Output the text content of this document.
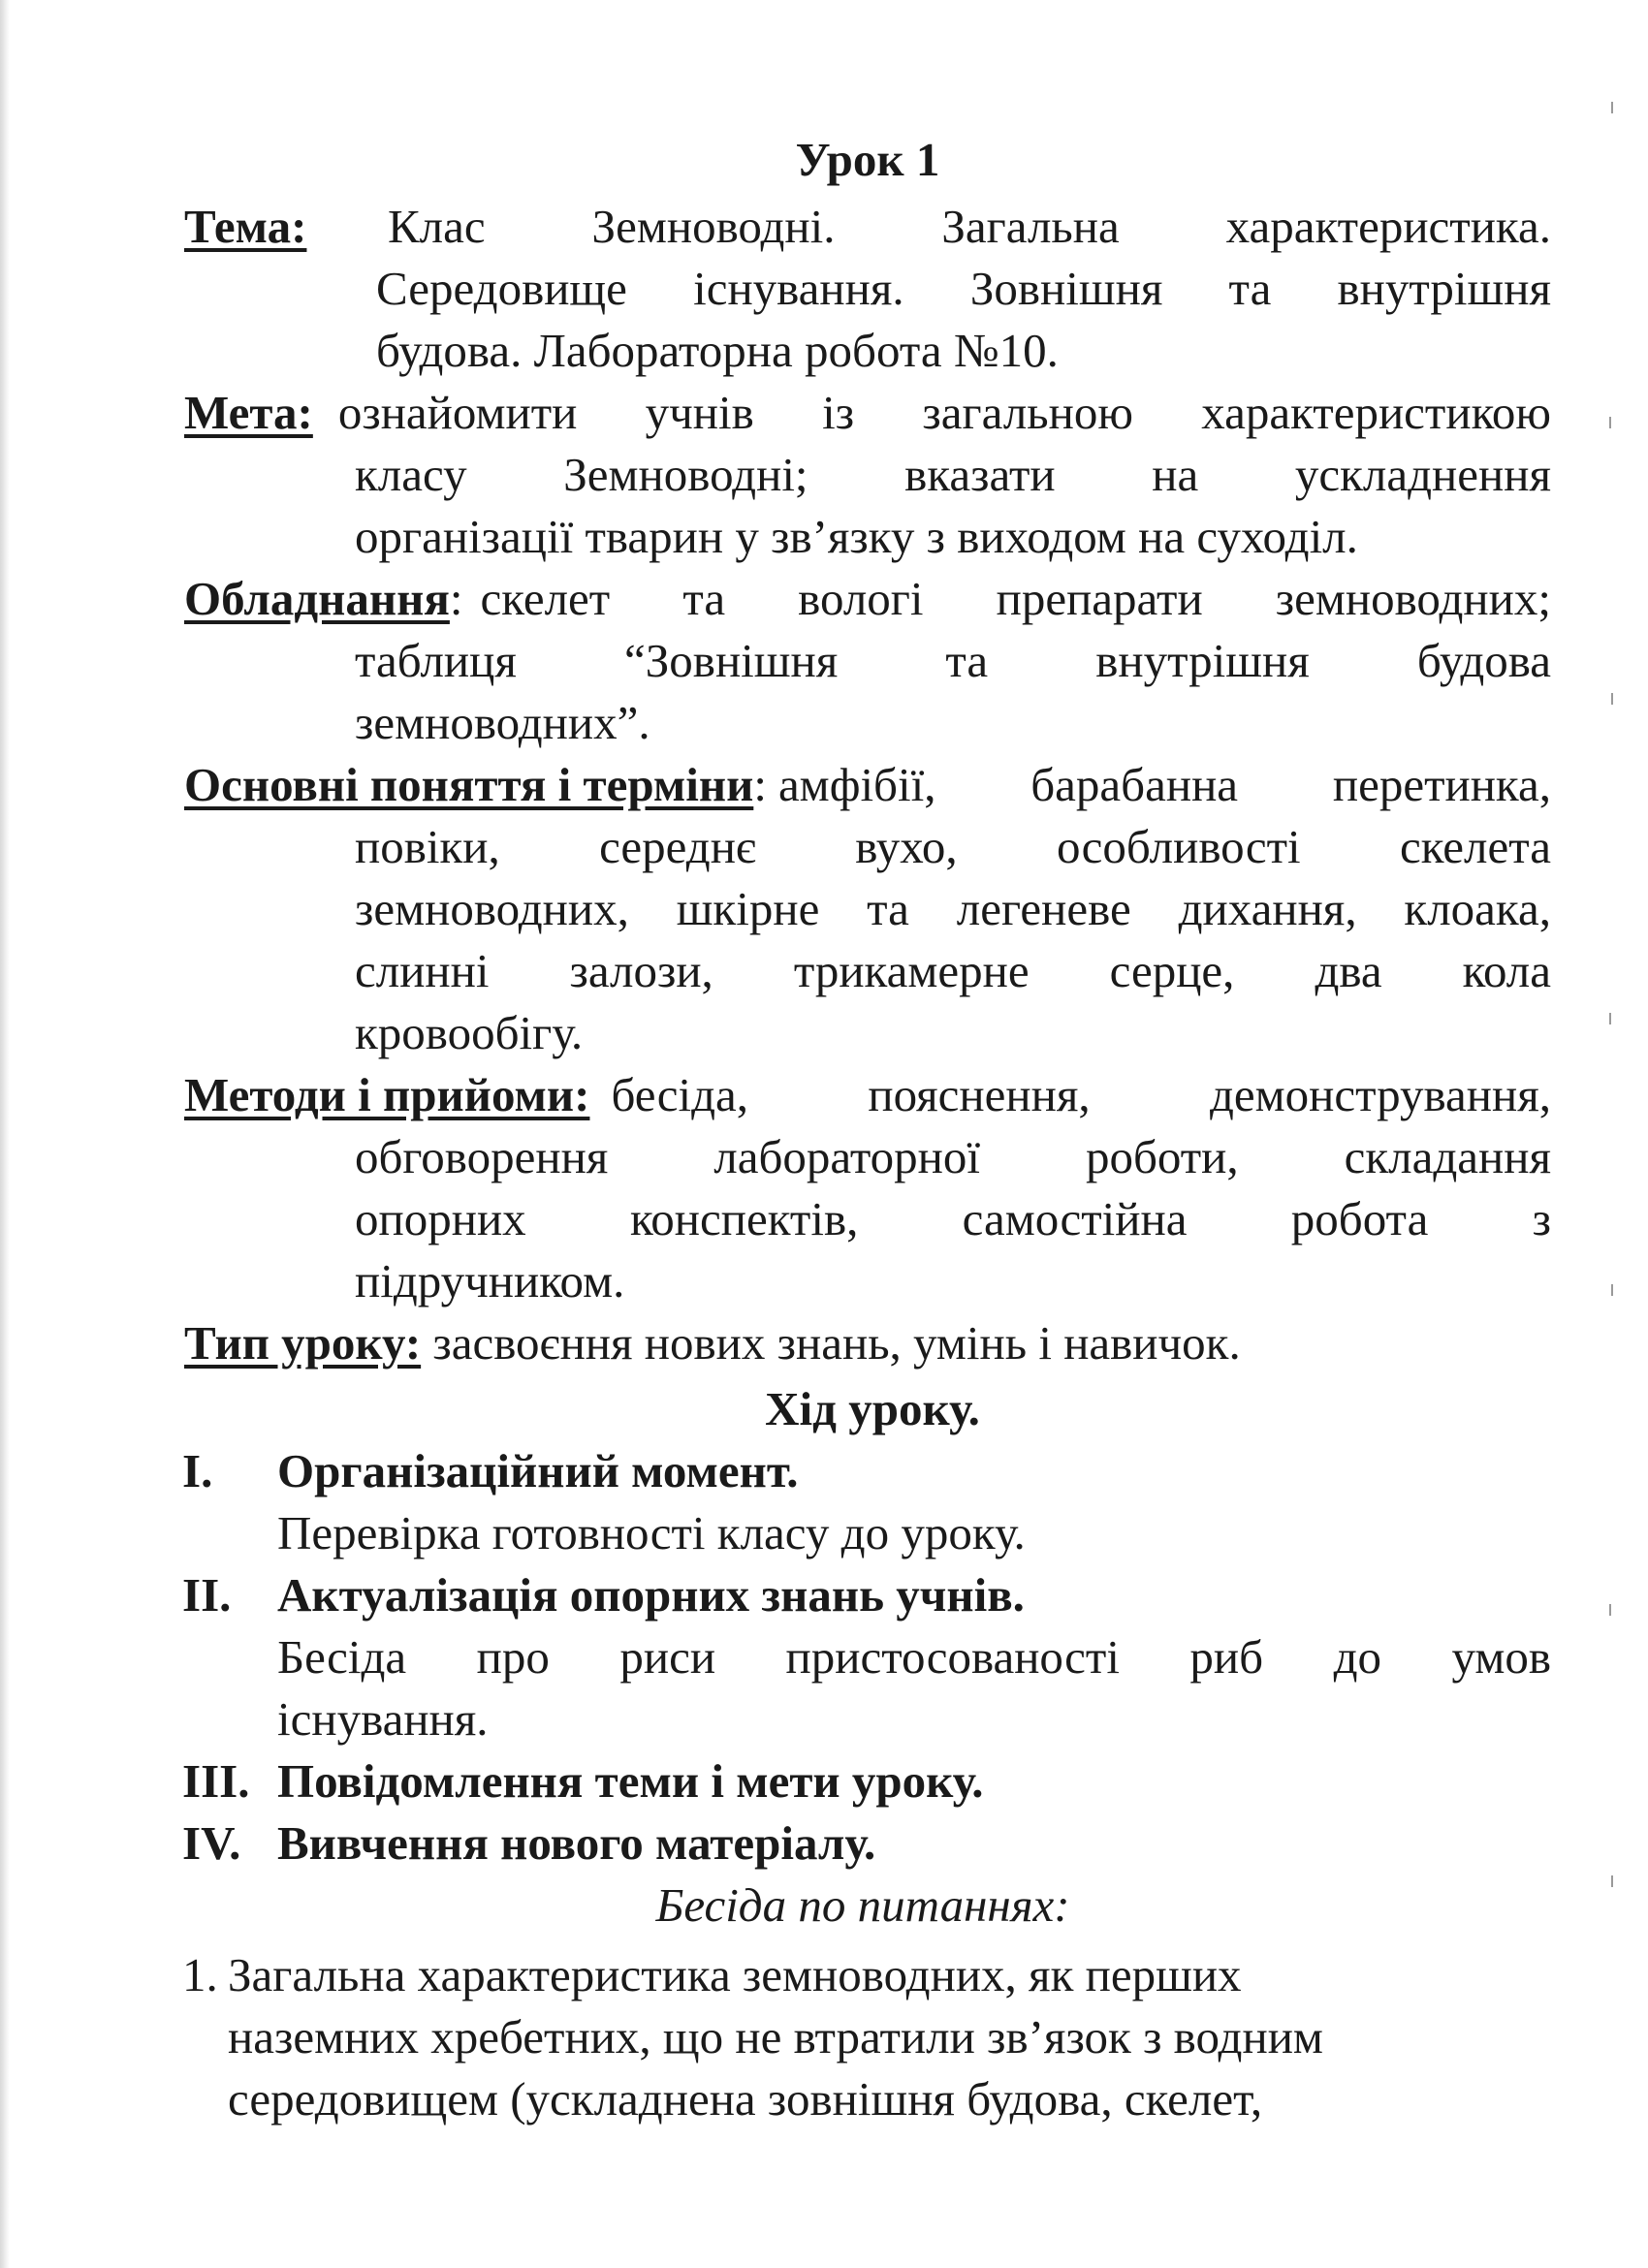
Урок 1
Тема:	Клас Земноводні. Загальна характеристика.
Середовище існування. Зовнішня та внутрішня
будова. Лабораторна робота №10.
Мета: ознайомити учнів із загальною характеристикою
класу Земноводні; вказати на ускладнення
організації тварин у зв’язку з виходом на суходіл.
Обладнання: скелет та вологі препарати земноводних;
таблиця “Зовнішня та внутрішня будова
земноводних”.
Основні поняття і терміни: амфібії, барабанна перетинка,
повіки, середнє вухо, особливості скелета
земноводних, шкірне та легеневе дихання, клоака,
слинні залози, трикамерне серце, два кола
кровообігу.
Методи і прийоми: бесіда, пояснення, демонстрування,
обговорення лабораторної роботи, складання
опорних конспектів, самостійна робота з
підручником.
Тип уроку: засвоєння нових знань, умінь і навичок.
Хід уроку.
I. Організаційний момент.
Перевірка готовності класу до уроку.
II. Актуалізація опорних знань учнів.
Бесіда про риси пристосованості риб до умов
існування.
III. Повідомлення теми і мети уроку.
IV. Вивчення нового матеріалу.
Бесіда по питаннях:
1. Загальна характеристика земноводних, як перших
наземних хребетних, що не втратили зв’язок з водним
середовищем (ускладнена зовнішня будова, скелет,
